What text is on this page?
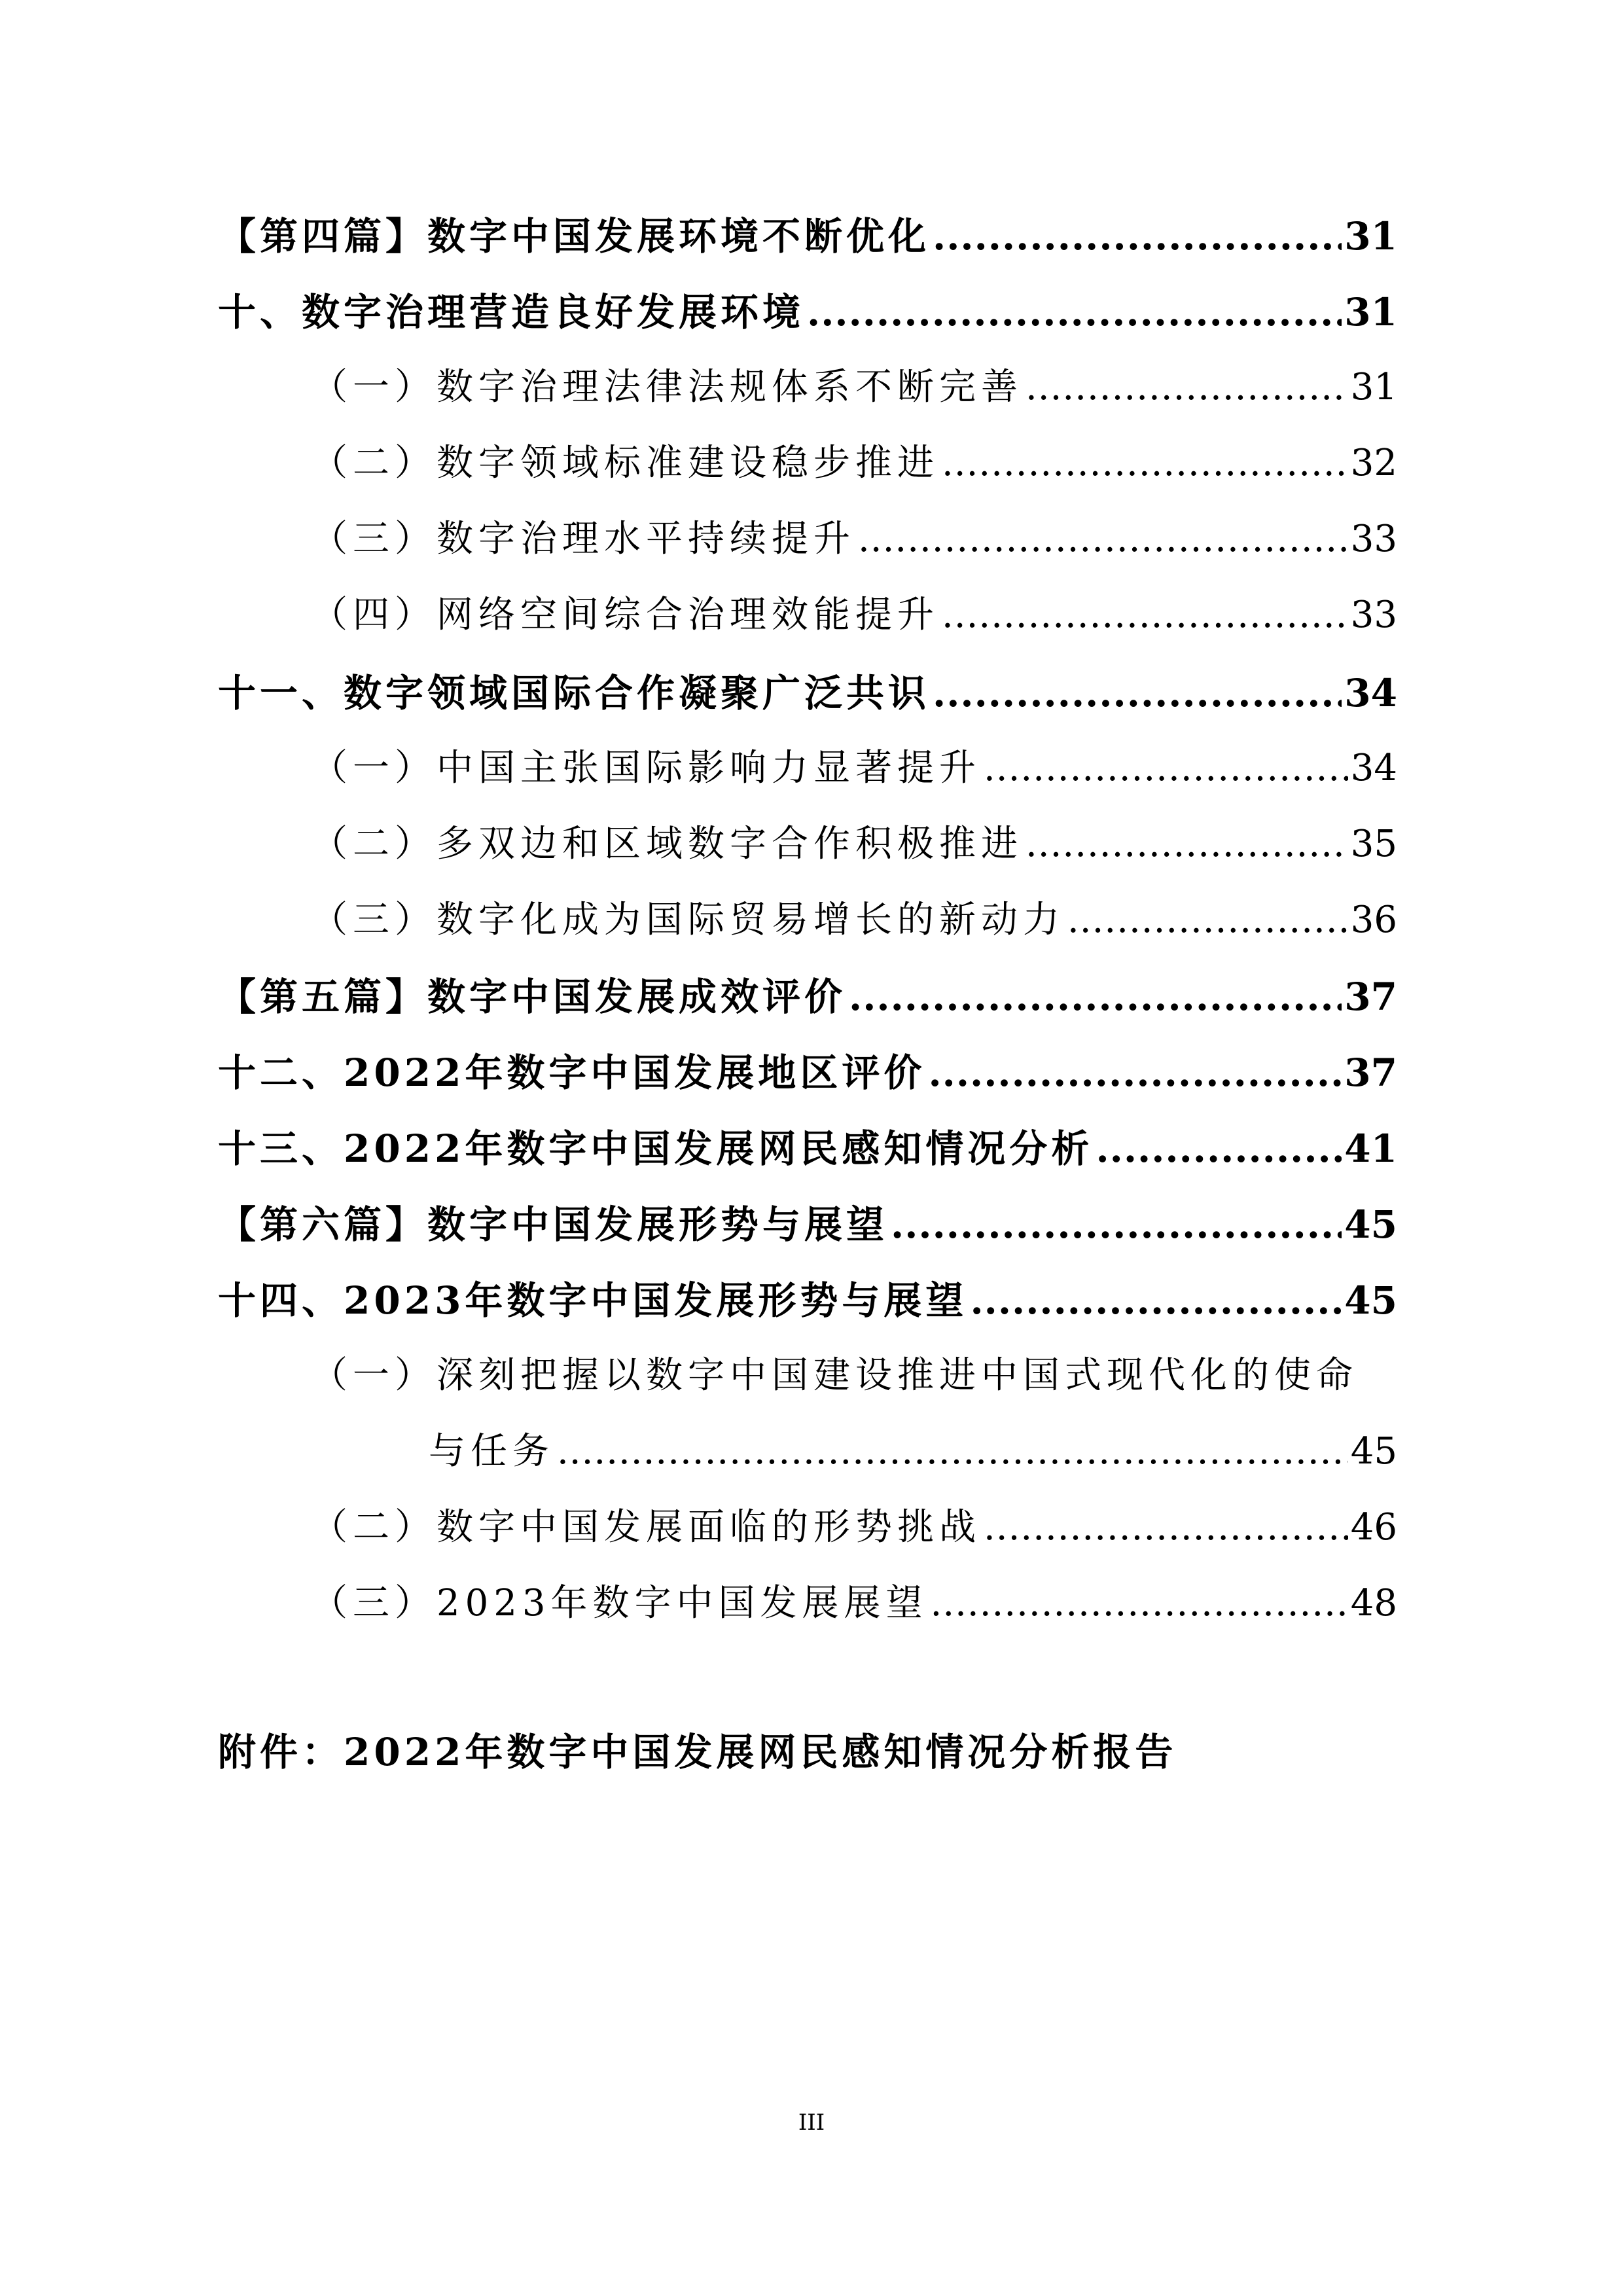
【第四篇】数字中国发展环境不断优化 .....	31
十、数字治理营造良好发展环境 .....	31
（一）数字治理法律法规体系不断完善 .....	31
（二）数字领域标准建设稳步推进 .....	32
（三）数字治理水平持续提升 .....	33
（四）网络空间综合治理效能提升 .....	33
十一、数字领域国际合作凝聚广泛共识 .....	34
（一）中国主张国际影响力显著提升 .....	34
（二）多双边和区域数字合作积极推进 .....	35
（三）数字化成为国际贸易增长的新动力 .....	36
【第五篇】数字中国发展成效评价 .....	37
十二、2022年数字中国发展地区评价 .....	37
十三、2022年数字中国发展网民感知情况分析 .....	41
【第六篇】数字中国发展形势与展望 .....	45
十四、2023年数字中国发展形势与展望 .....	45
（一）深刻把握以数字中国建设推进中国式现代化的使命
与任务 .....	45
（二）数字中国发展面临的形势挑战 .....	46
（三）2023年数字中国发展展望 .....	48
附件：2022年数字中国发展网民感知情况分析报告
III
